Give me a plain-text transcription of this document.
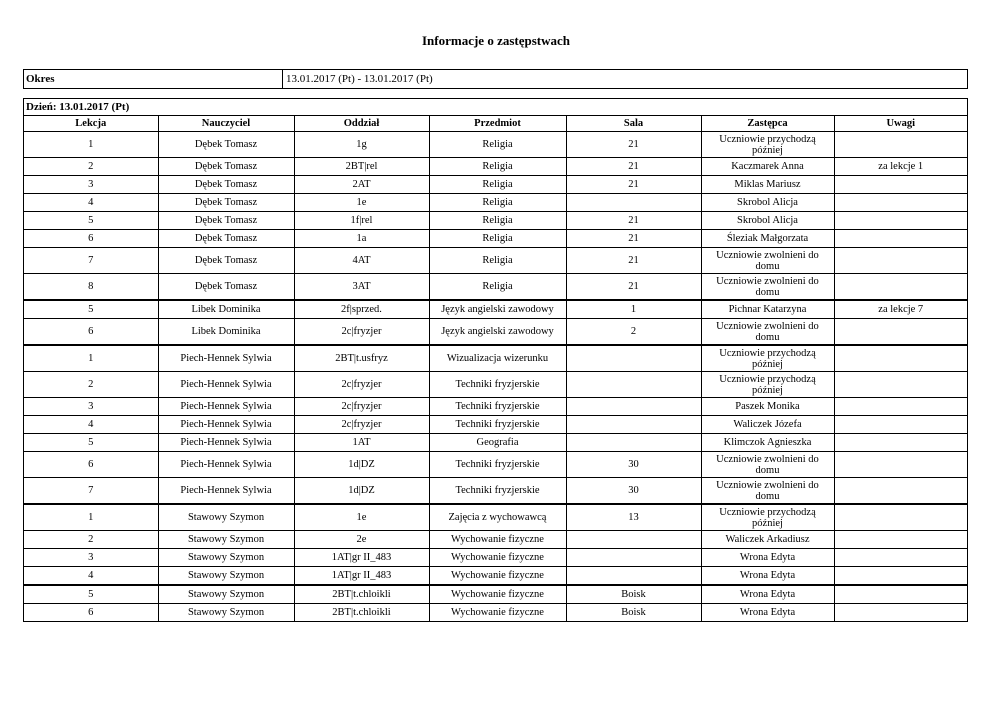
Informacje o zastępstwach
Okres	13.01.2017 (Pt) - 13.01.2017 (Pt)
Dzień: 13.01.2017 (Pt)
Lekcja	Nauczyciel	Oddział	Przedmiot	Sala	Zastępca	Uwagi
1	Dębek Tomasz	1g	Religia	21	Uczniowie przychodzą później	
2	Dębek Tomasz	2BT|rel	Religia	21	Kaczmarek Anna	za lekcje 1
3	Dębek Tomasz	2AT	Religia	21	Miklas Mariusz	
4	Dębek Tomasz	1e	Religia		Skrobol Alicja	
5	Dębek Tomasz	1f|rel	Religia	21	Skrobol Alicja	
6	Dębek Tomasz	1a	Religia	21	Śleziak Małgorzata	
7	Dębek Tomasz	4AT	Religia	21	Uczniowie zwolnieni do domu	
8	Dębek Tomasz	3AT	Religia	21	Uczniowie zwolnieni do domu	
5	Libek Dominika	2f|sprzed.	Język angielski zawodowy	1	Pichnar Katarzyna	za lekcje 7
6	Libek Dominika	2c|fryzjer	Język angielski zawodowy	2	Uczniowie zwolnieni do domu	
1	Piech-Hennek Sylwia	2BT|t.usfryz	Wizualizacja wizerunku		Uczniowie przychodzą później	
2	Piech-Hennek Sylwia	2c|fryzjer	Techniki fryzjerskie		Uczniowie przychodzą później	
3	Piech-Hennek Sylwia	2c|fryzjer	Techniki fryzjerskie		Paszek Monika	
4	Piech-Hennek Sylwia	2c|fryzjer	Techniki fryzjerskie		Waliczek Józefa	
5	Piech-Hennek Sylwia	1AT	Geografia		Klimczok Agnieszka	
6	Piech-Hennek Sylwia	1d|DZ	Techniki fryzjerskie	30	Uczniowie zwolnieni do domu	
7	Piech-Hennek Sylwia	1d|DZ	Techniki fryzjerskie	30	Uczniowie zwolnieni do domu	
1	Stawowy Szymon	1e	Zajęcia z wychowawcą	13	Uczniowie przychodzą później	
2	Stawowy Szymon	2e	Wychowanie fizyczne		Waliczek Arkadiusz	
3	Stawowy Szymon	1AT|gr II_483	Wychowanie fizyczne		Wrona Edyta	
4	Stawowy Szymon	1AT|gr II_483	Wychowanie fizyczne		Wrona Edyta	
5	Stawowy Szymon	2BT|t.chloikli	Wychowanie fizyczne	Boisk	Wrona Edyta	
6	Stawowy Szymon	2BT|t.chloikli	Wychowanie fizyczne	Boisk	Wrona Edyta	
